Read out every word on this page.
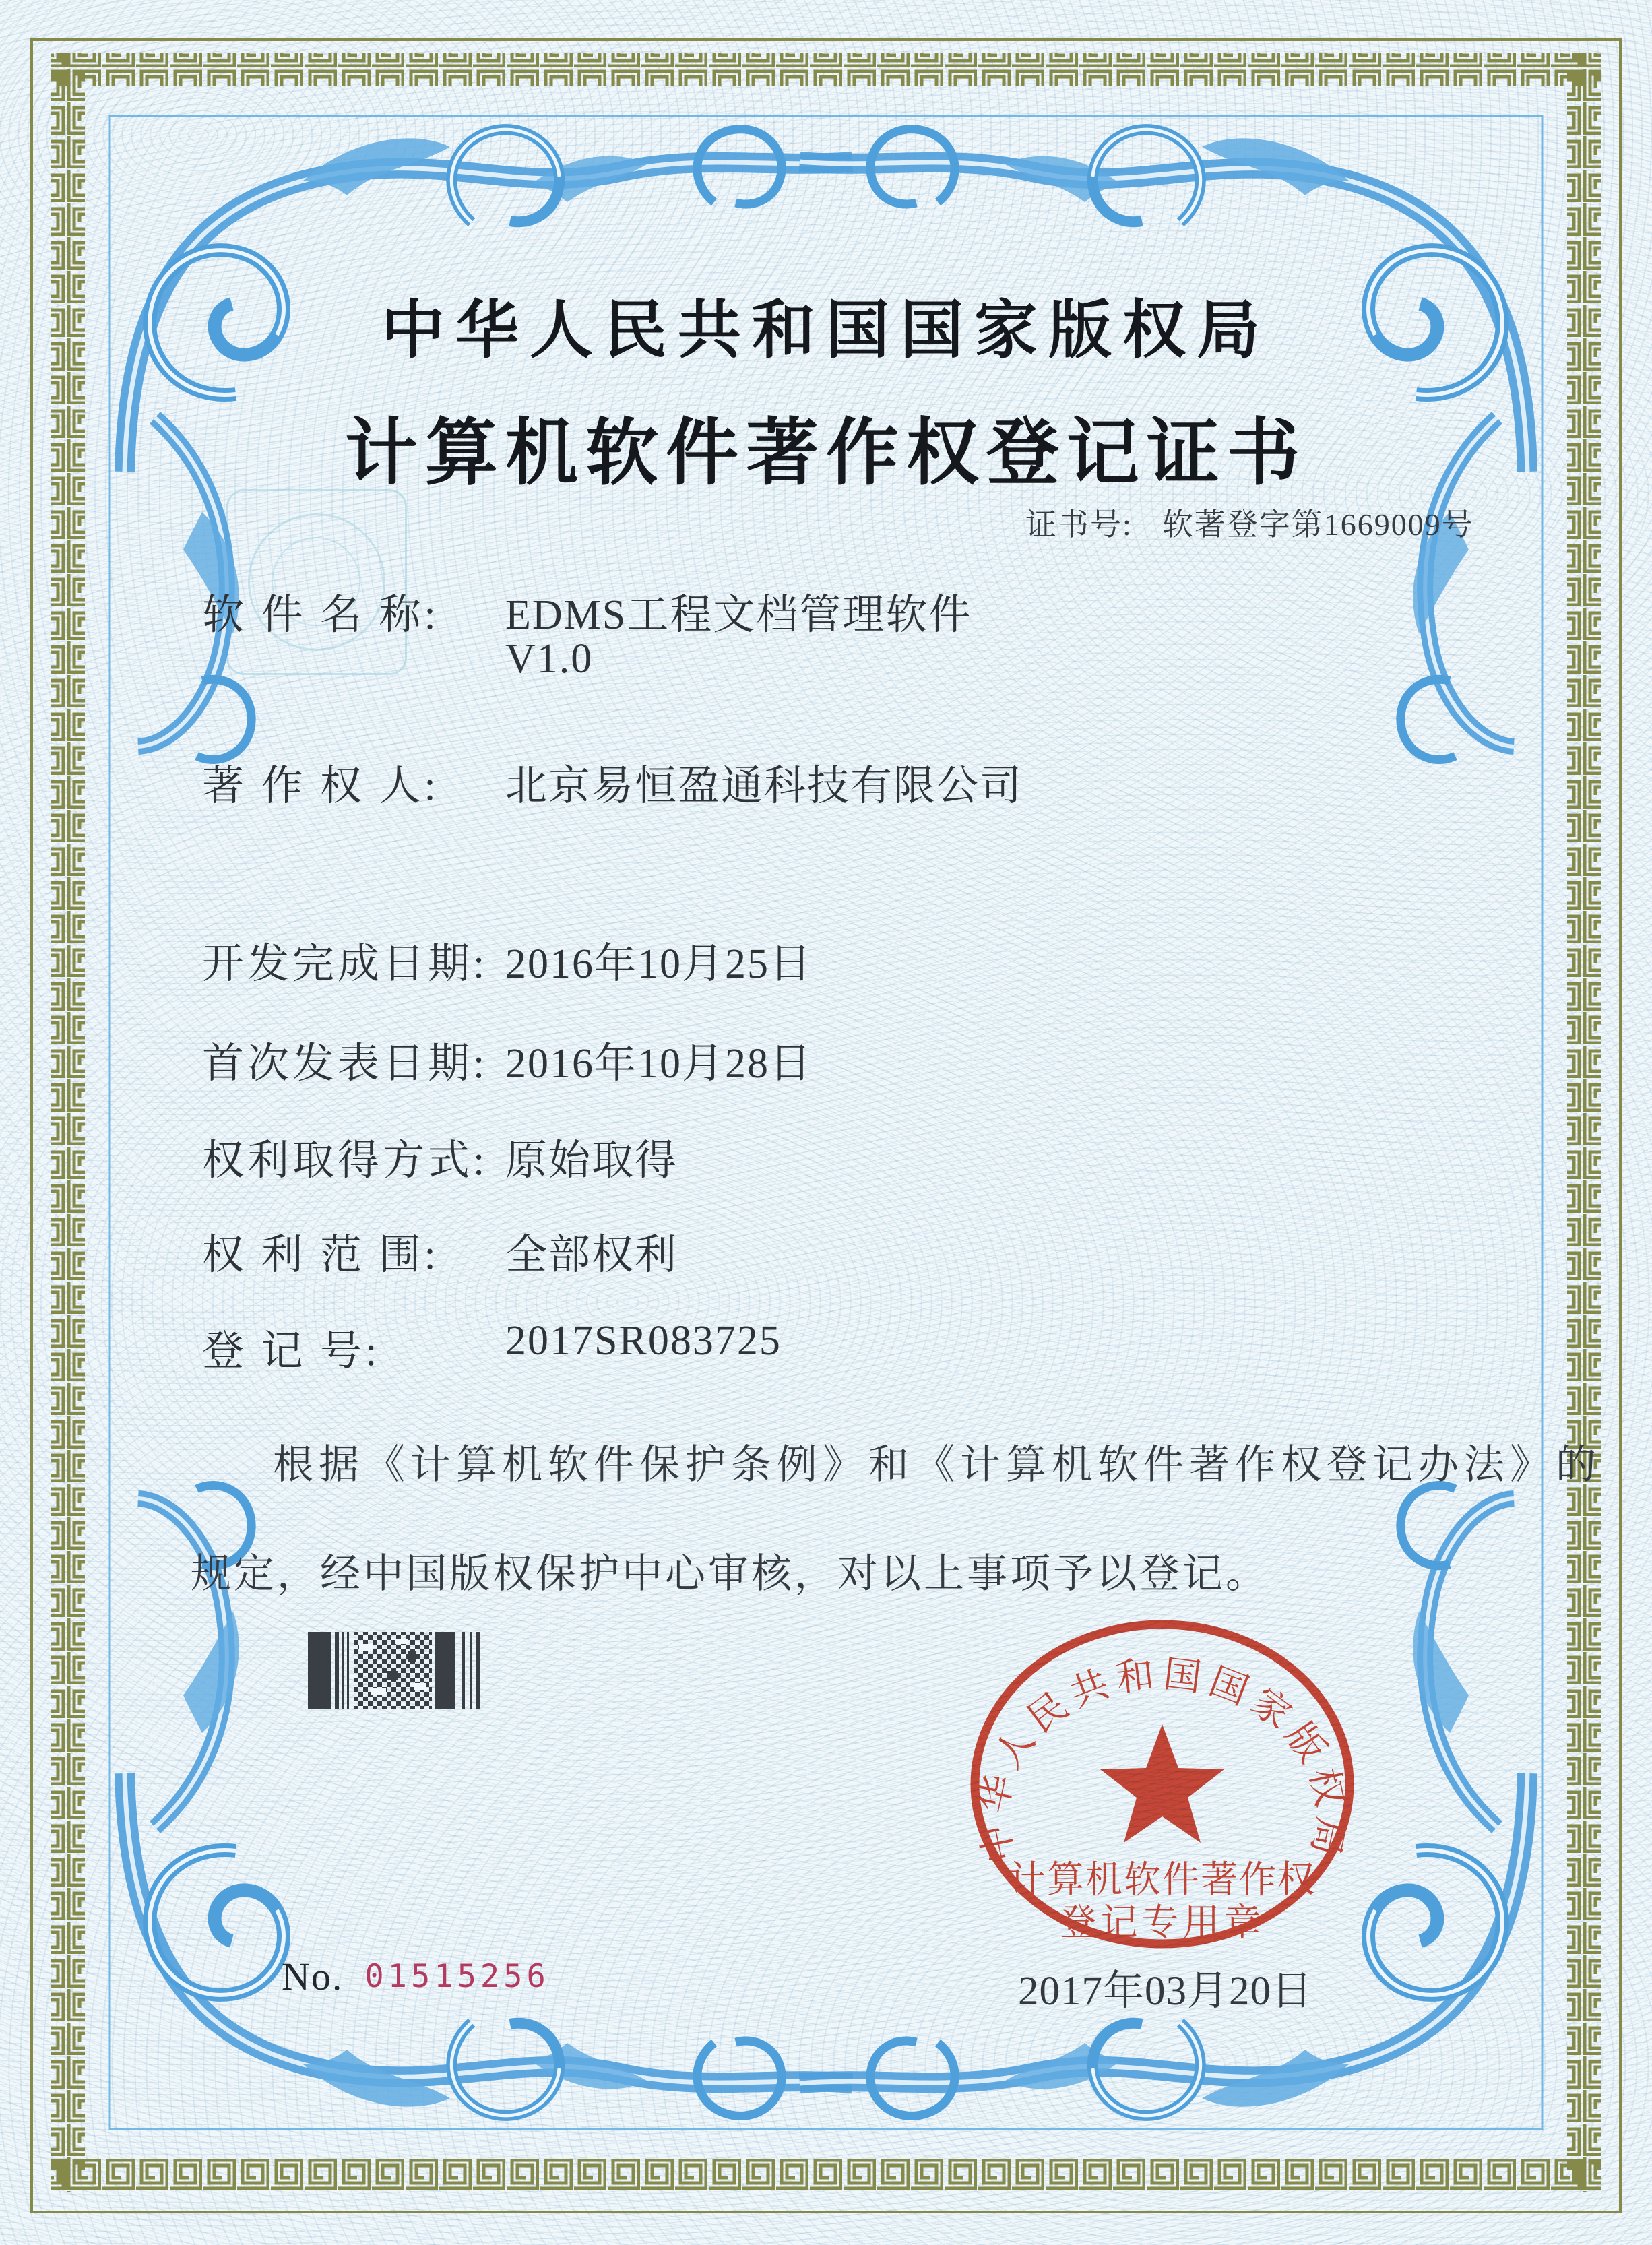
中华人民共和国国家版权局
计算机软件著作权登记证书
证书号: 软著登字第1669009号
软 件 名 称: EDMS工程文档管理软件
V1.0
著 作 权 人: 北京易恒盈通科技有限公司
开发完成日期: 2016年10月25日
首次发表日期: 2016年10月28日
权利取得方式: 原始取得
权 利 范 围: 全部权利
登 记 号:	2017SR083725
根据《计算机软件保护条例》和《计算机软件著作权登记办法》的
规定，经中国版权保护中心审核，对以上事项予以登记。
2017年03月20日
中华人民共和国国家版权局
计算机软件著作权
登记专用章
No. 01515256
